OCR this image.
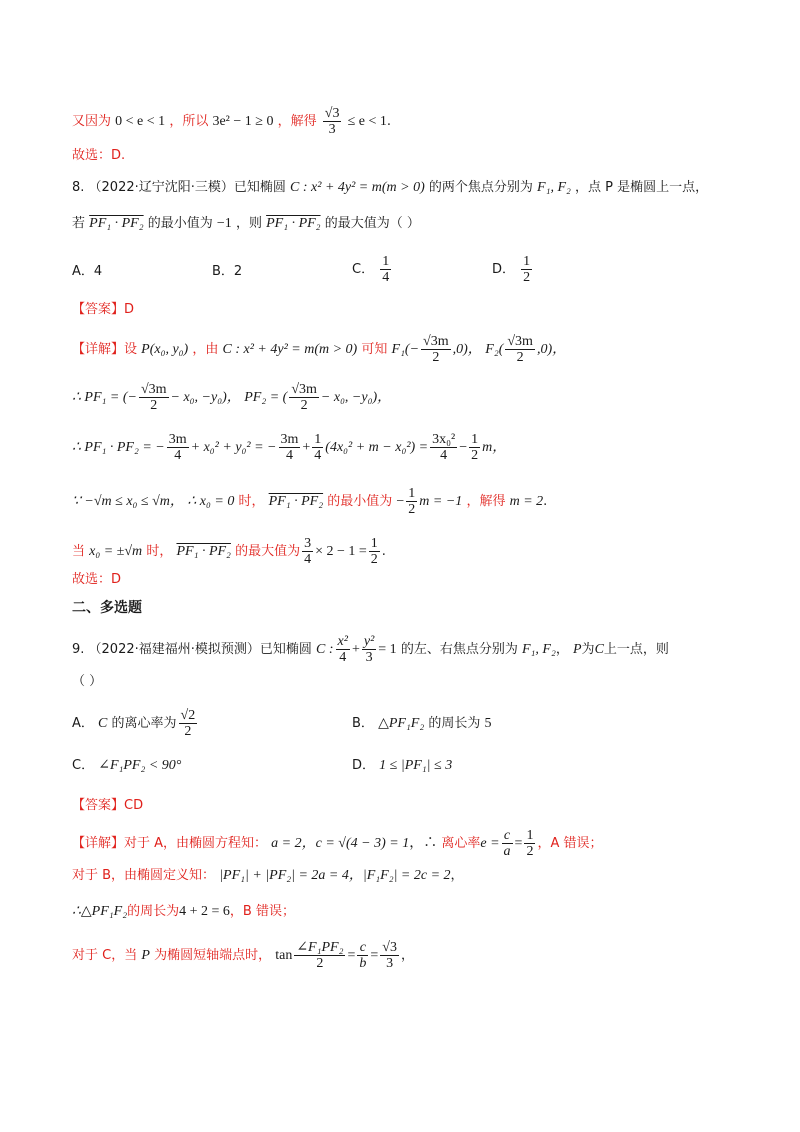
又因为 0 < e < 1 ，所以 3e² − 1 ≥ 0 ，解得 $\frac{√3}{3} \le e < 1$.
故选：D.
8. （2022·辽宁沈阳·三模）已知椭圆 C : x² + 4y² = m(m > 0) 的两个焦点分别为 F₁, F₂ ，点 P 是椭圆上一点，
若 PF₁ · PF₂ 的最小值为 −1 ，则 PF₁ · PF₂ 的最大值为（ ）
A．4	B．2	C． $\frac{1}{4}$	D． $\frac{1}{2}$
【答案】D
【详解】设 P(x₀, y₀) ，由 C : x² + 4y² = m(m > 0) 可知 $F_1(- \frac{√3m}{2} ,0)$， $F_2( \frac{√3m}{2} ,0)$，
∴ PF₁ = (− $\frac{√3m}{2} - x_0$, −y₀)， PF₂ = ( $\frac{√3m}{2} - x_0$, −y₀)，
∴ PF₁ · PF₂ = − $\frac{3m}{4} + x_0^2 + y_0^2$ = − $\frac{3m}{4} + \frac{1}{4} (4x_0^2 + m - x_0^2) = \frac{\text{3x₀²}}{4} - \frac{1}{2}$ m，
∵ −√m ≤ x₀ ≤ √m， ∴ x₀ = 0 时， PF₁ · PF₂ 的最小值为 − $\frac{1}{2}$ m = −1 ，解得 m = 2.
当 x₀ = ±√m 时， PF₁ · PF₂ 的最大值为 $\frac{3}{4} \times 2 - 1 = \frac{1}{2}$ .
故选：D
二、多选题
9. （2022·福建福州·模拟预测）已知椭圆 C : $\frac{\text{x²}}{4} + \frac{\text{y²}}{3} = 1$ 的左、右焦点分别为 F₁, F₂， P为C上一点，则
（ ）
A． C 的离心率为 $\frac{√2}{2}$	B． △PF₁F₂ 的周长为 5
C． ∠F₁PF₂ < 90°	D． 1 ≤ |PF₁| ≤ 3
【答案】CD
【详解】对于 A，由椭圆方程知： a = 2，c = √(4 − 3) = 1，∴ 离心率$e = \frac{c}{a} = \frac{1}{2}$ ，A 错误；
对于 B，由椭圆定义知： |PF₁| + |PF₂| = 2a = 4，|F₁F₂| = 2c = 2，
∴△PF₁F₂的周长为4 + 2 = 6，B 错误；
对于 C，当 P 为椭圆短轴端点时， $\tan \frac{\text{∠F₁PF₂}}{2} = \frac{c}{b} = \frac{√3}{3}$ ，
